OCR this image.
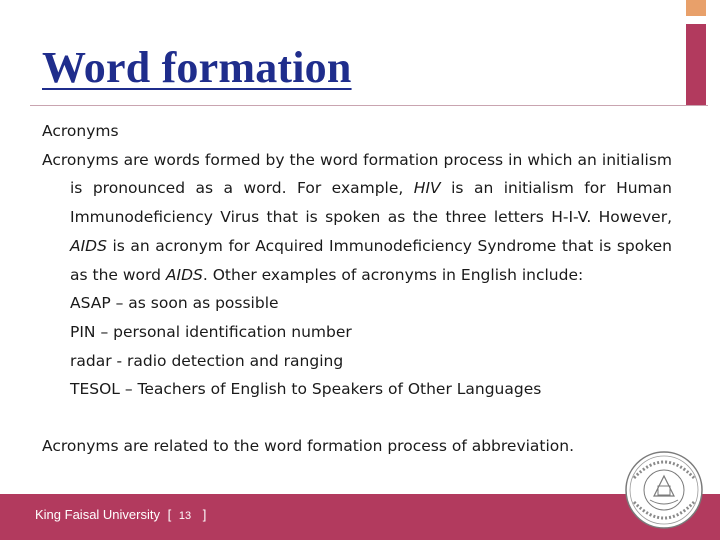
Word formation

Acronyms

Acronyms are words formed by the word formation process in which an initialism is pronounced as a word. For example, HIV is an initialism for Human Immunodeficiency Virus that is spoken as the three letters H-I-V. However, AIDS is an acronym for Acquired Immunodeficiency Syndrome that is spoken as the word AIDS. Other examples of acronyms in English include:

ASAP – as soon as possible

PIN – personal identification number

radar - radio detection and ranging

TESOL – Teachers of English to Speakers of Other Languages

Acronyms are related to the word formation process of abbreviation.

King Faisal University [ 13 ]
